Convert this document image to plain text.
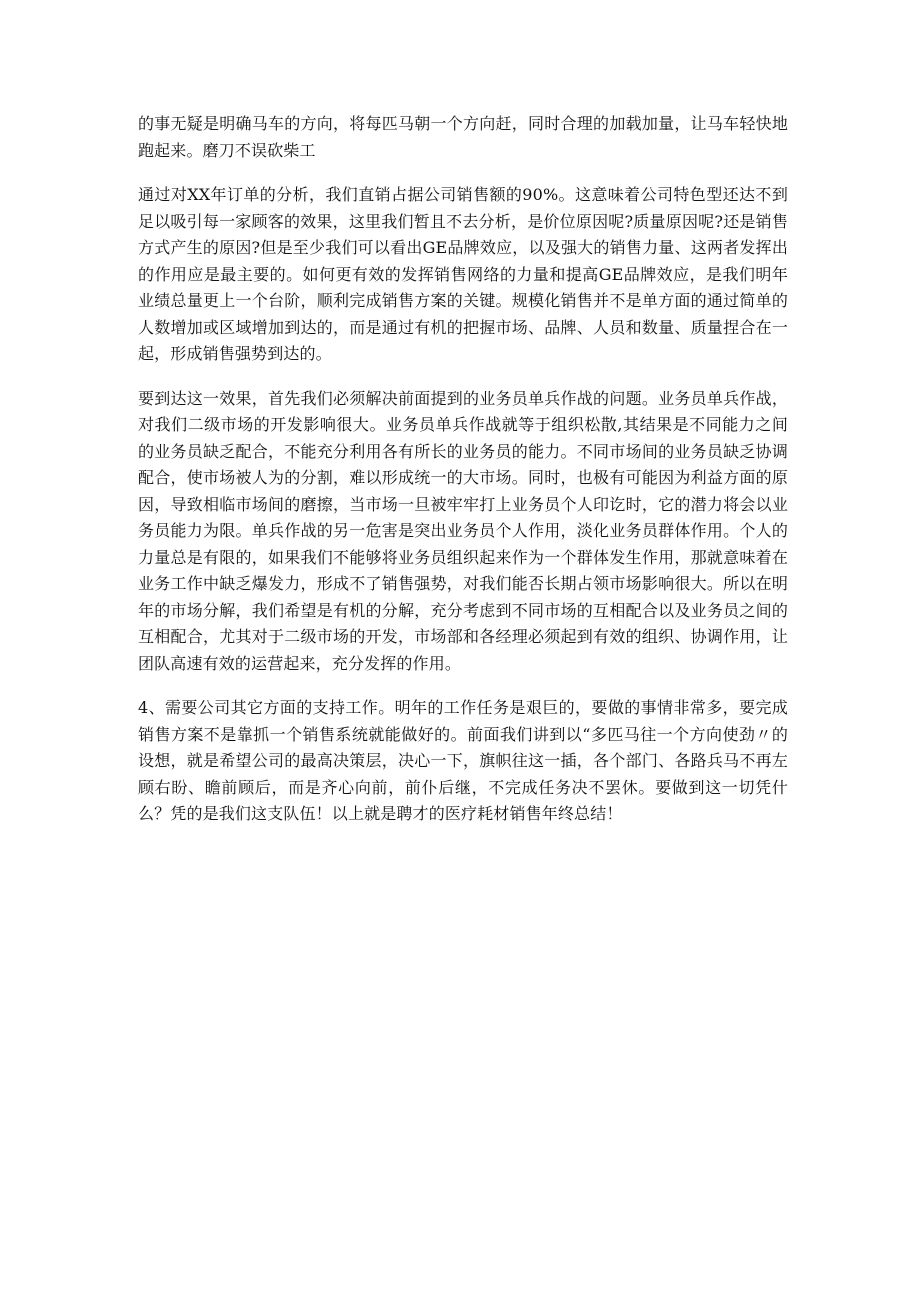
的事无疑是明确马车的方向，将每匹马朝一个方向赶，同时合理的加载加量，让马车轻快地跑起来。磨刀不误砍柴工

通过对XX年订单的分析，我们直销占据公司销售额的90%。这意味着公司特色型还达不到足以吸引每一家顾客的效果，这里我们暂且不去分析，是价位原因呢?质量原因呢?还是销售方式产生的原因?但是至少我们可以看出GE品牌效应，以及强大的销售力量、这两者发挥出的作用应是最主要的。如何更有效的发挥销售网络的力量和提高GE品牌效应，是我们明年业绩总量更上一个台阶，顺利完成销售方案的关键。规模化销售并不是单方面的通过简单的人数增加或区域增加到达的，而是通过有机的把握市场、品牌、人员和数量、质量捏合在一起，形成销售强势到达的。

要到达这一效果，首先我们必须解决前面提到的业务员单兵作战的问题。业务员单兵作战，对我们二级市场的开发影响很大。业务员单兵作战就等于组织松散,其结果是不同能力之间的业务员缺乏配合，不能充分利用各有所长的业务员的能力。不同市场间的业务员缺乏协调配合，使市场被人为的分割，难以形成统一的大市场。同时，也极有可能因为利益方面的原因，导致相临市场间的磨擦，当市场一旦被牢牢打上业务员个人印讫时，它的潜力将会以业务员能力为限。单兵作战的另一危害是突出业务员个人作用，淡化业务员群体作用。个人的力量总是有限的，如果我们不能够将业务员组织起来作为一个群体发生作用，那就意味着在业务工作中缺乏爆发力，形成不了销售强势，对我们能否长期占领市场影响很大。所以在明年的市场分解，我们希望是有机的分解，充分考虑到不同市场的互相配合以及业务员之间的互相配合，尤其对于二级市场的开发，市场部和各经理必须起到有效的组织、协调作用，让团队高速有效的运营起来，充分发挥的作用。

4、需要公司其它方面的支持工作。明年的工作任务是艰巨的，要做的事情非常多，要完成销售方案不是靠抓一个销售系统就能做好的。前面我们讲到以“多匹马往一个方向使劲〃的设想，就是希望公司的最高决策层，决心一下，旗帜往这一插，各个部门、各路兵马不再左顾右盼、瞻前顾后，而是齐心向前，前仆后继，不完成任务决不罢休。要做到这一切凭什么？凭的是我们这支队伍！以上就是聘才的医疗耗材销售年终总结！
